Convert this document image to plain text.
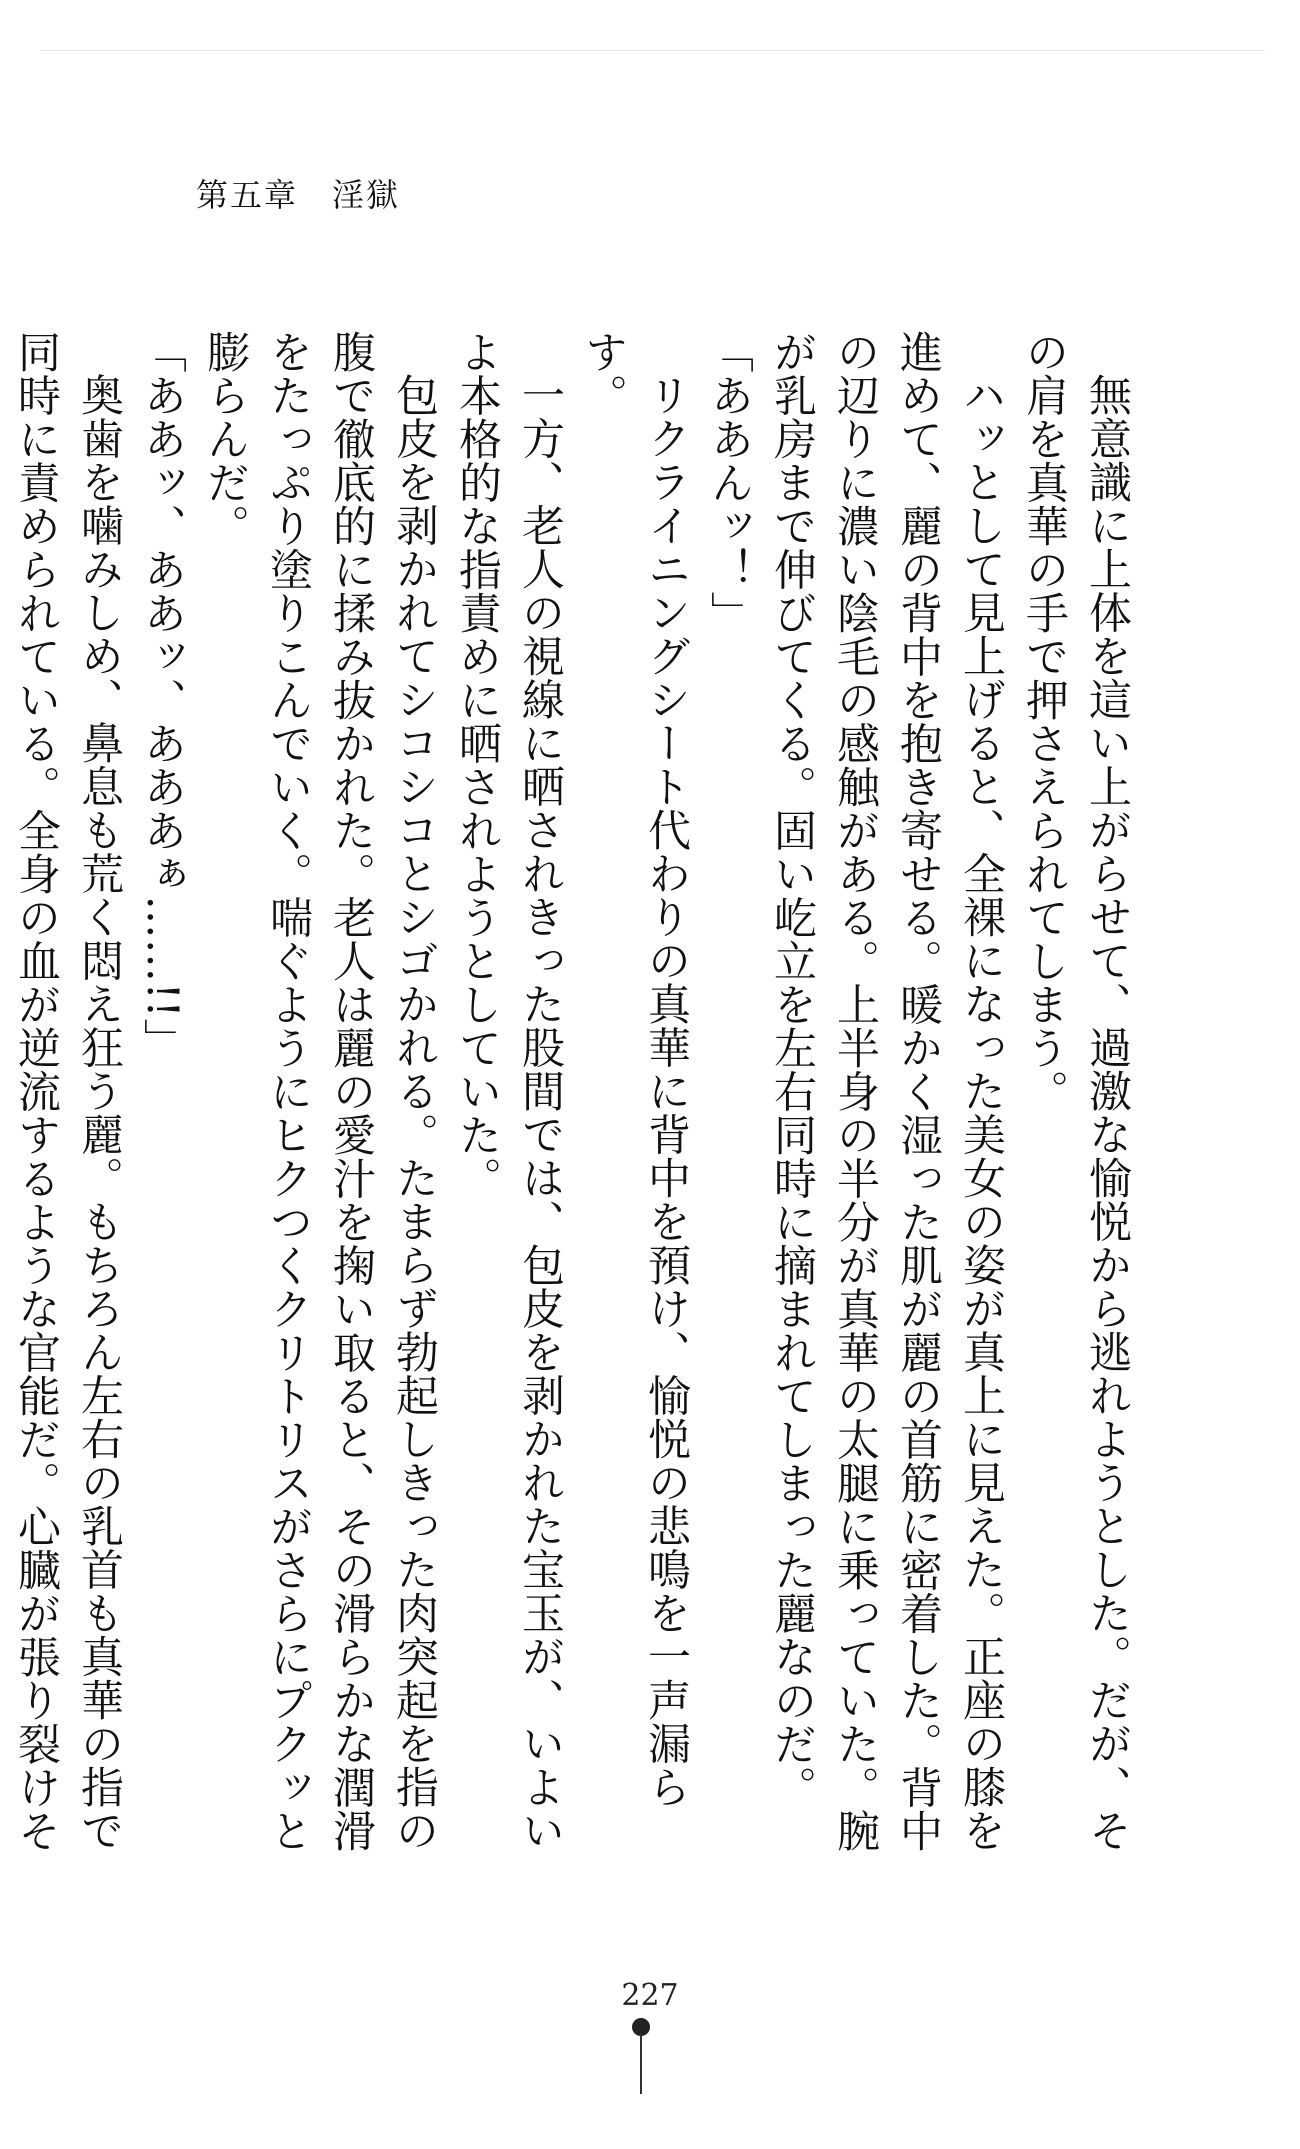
第五章　淫獄

無意識に上体を這い上がらせて、過激な愉悦から逃れようとした。だが、その肩を真華の手で押さえられてしまう。

ハッとして見上げると、全裸になった美女の姿が真上に見えた。正座の膝を進めて、麗の背中を抱き寄せる。暖かく湿った肌が麗の首筋に密着した。背中の辺りに濃い陰毛の感触がある。上半身の半分が真華の太腿に乗っていた。腕が乳房まで伸びてくる。固い屹立を左右同時に摘まれてしまった麗なのだ。

「ああんッ！」

リクライニングシート代わりの真華に背中を預け、愉悦の悲鳴を一声漏らす。

一方、老人の視線に晒されきった股間では、包皮を剥かれた宝玉が、いよいよ本格的な指責めに晒されようとしていた。

包皮を剥かれてシコシコとシゴかれる。たまらず勃起しきった肉突起を指の腹で徹底的に揉み抜かれた。老人は麗の愛汁を掬い取ると、その滑らかな潤滑をたっぷり塗りこんでいく。喘ぐようにヒクつくクリトリスがさらにプクッと膨らんだ。

「ああッ、ああッ、あああぁ……!!」

奥歯を噛みしめ、鼻息も荒く悶え狂う麗。もちろん左右の乳首も真華の指で同時に責められている。全身の血が逆流するような官能だ。心臓が張り裂けそ

227
